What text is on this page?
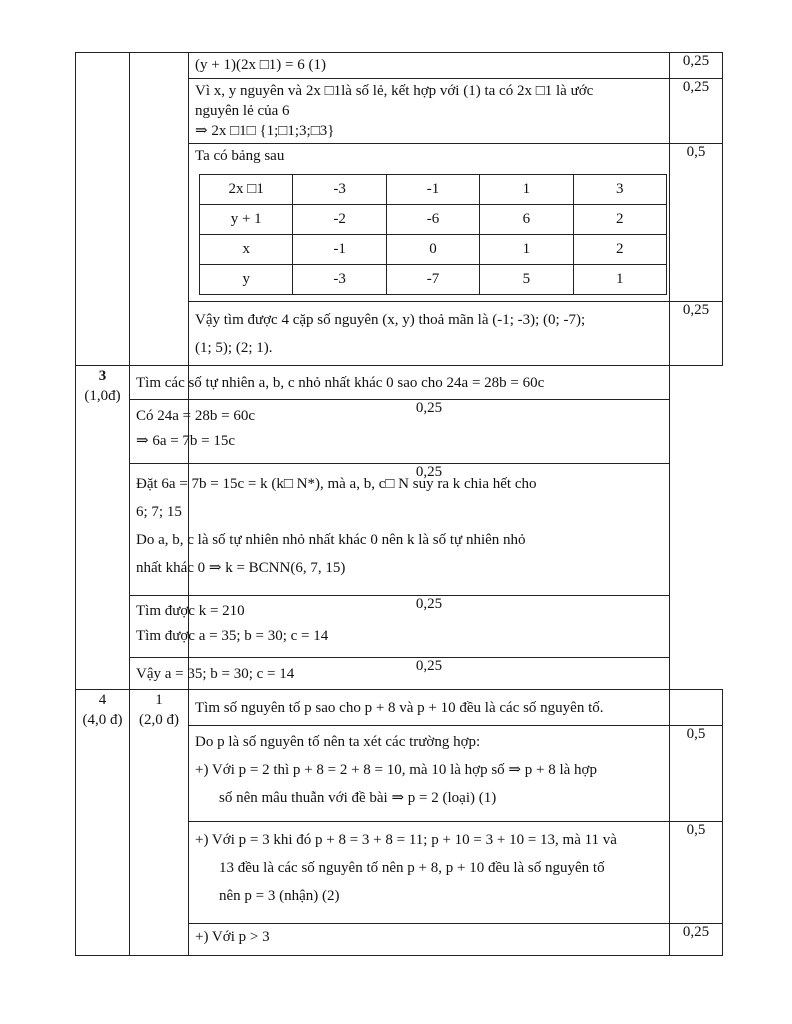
(y + 1)(2x □1) = 6 (1)	0,25

Vì x, y nguyên và 2x □1là số lẻ, kết hợp với (1) ta có 2x □1 là ước
nguyên lẻ của 6
⇒ 2x □1□ {1;□1;3;□3}
	0,25

Ta có bảng sau
2x □1	-3	-1	1	3
y + 1	-2	-6	6	2
x	-1	0	1	2
y	-3	-7	5	1
	0,5

Vậy tìm được 4 cặp số nguyên (x, y) thoả mãn là (-1; -3); (0; -7);
(1; 5); (2; 1).
	0,25

3
(1,0đ)

Tìm các số tự nhiên a, b, c nhỏ nhất khác 0 sao cho 24a = 28b = 60c

Có 24a = 28b = 60c
⇒ 6a = 7b = 15c
	0,25

Đặt 6a = 7b = 15c = k (k□ N*), mà a, b, c□ N suy ra k chia hết cho
6; 7; 15
Do a, b, c là số tự nhiên nhỏ nhất khác 0 nên k là số tự nhiên nhỏ
nhất khác 0 ⇒ k = BCNN(6, 7, 15)
	0,25

Tìm được k = 210
Tìm được a = 35; b = 30; c = 14
	0,25

Vậy a = 35; b = 30; c = 14	0,25

4
(4,0 đ)

1
(2,0 đ)

Tìm số nguyên tố p sao cho p + 8 và p + 10 đều là các số nguyên tố.

Do p là số nguyên tố nên ta xét các trường hợp:
+) Với p = 2 thì p + 8 = 2 + 8 = 10, mà 10 là hợp số ⇒ p + 8 là hợp
số nên mâu thuẫn với đề bài ⇒ p = 2 (loại) (1)
	0,5

+) Với p = 3 khi đó p + 8 = 3 + 8 = 11; p + 10 = 3 + 10 = 13, mà 11 và
13 đều là các số nguyên tố nên p + 8, p + 10 đều là số nguyên tố
nên p = 3 (nhận) (2)
	0,5

+) Với p > 3	0,25
